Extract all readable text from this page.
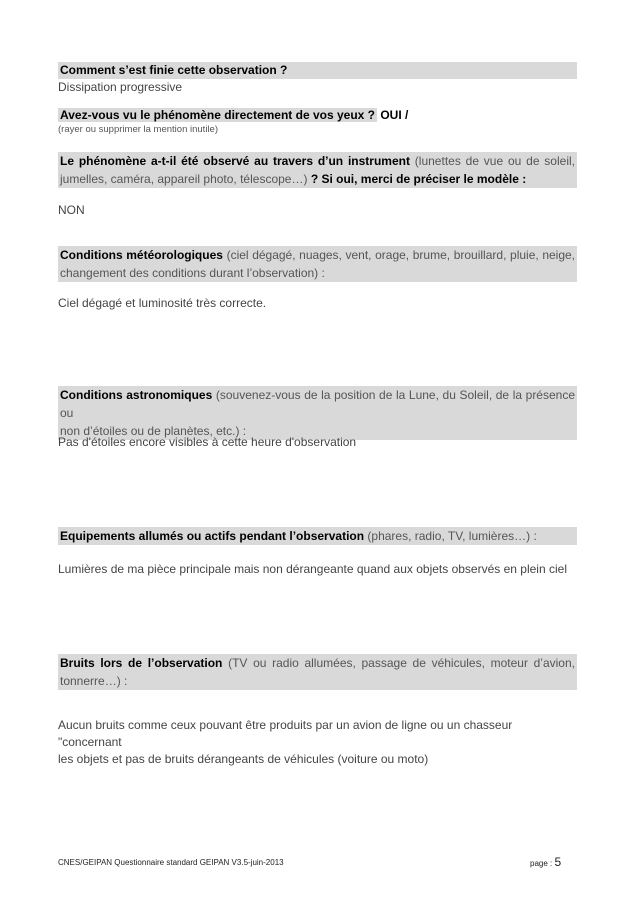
Comment s’est finie cette observation ?
Dissipation progressive
Avez-vous vu le phénomène directement de vos yeux ? OUI /
(rayer ou supprimer la mention inutile)
Le phénomène a-t-il été observé au travers d’un instrument (lunettes de vue ou de soleil,
jumelles, caméra, appareil photo, télescope…) ? Si oui, merci de préciser le modèle :
NON
Conditions météorologiques (ciel dégagé, nuages, vent, orage, brume, brouillard, pluie, neige,
changement des conditions durant l’observation) :
Ciel dégagé et luminosité très correcte.
Conditions astronomiques (souvenez-vous de la position de la Lune, du Soleil, de la présence ou
non d’étoiles ou de planètes, etc.) :
Pas d'étoiles encore visibles à cette heure d'observation
Equipements allumés ou actifs pendant l’observation (phares, radio, TV, lumières…) :
Lumières de ma pièce principale mais non dérangeante quand aux objets observés en plein ciel
Bruits lors de l’observation (TV ou radio allumées, passage de véhicules, moteur d’avion,
tonnerre…) :
Aucun bruits comme ceux pouvant être produits par un avion de ligne ou un chasseur "concernant
les objets et pas de bruits dérangeants de véhicules (voiture ou moto)
CNES/GEIPAN Questionnaire standard GEIPAN V3.5-juin-2013	page : 5
